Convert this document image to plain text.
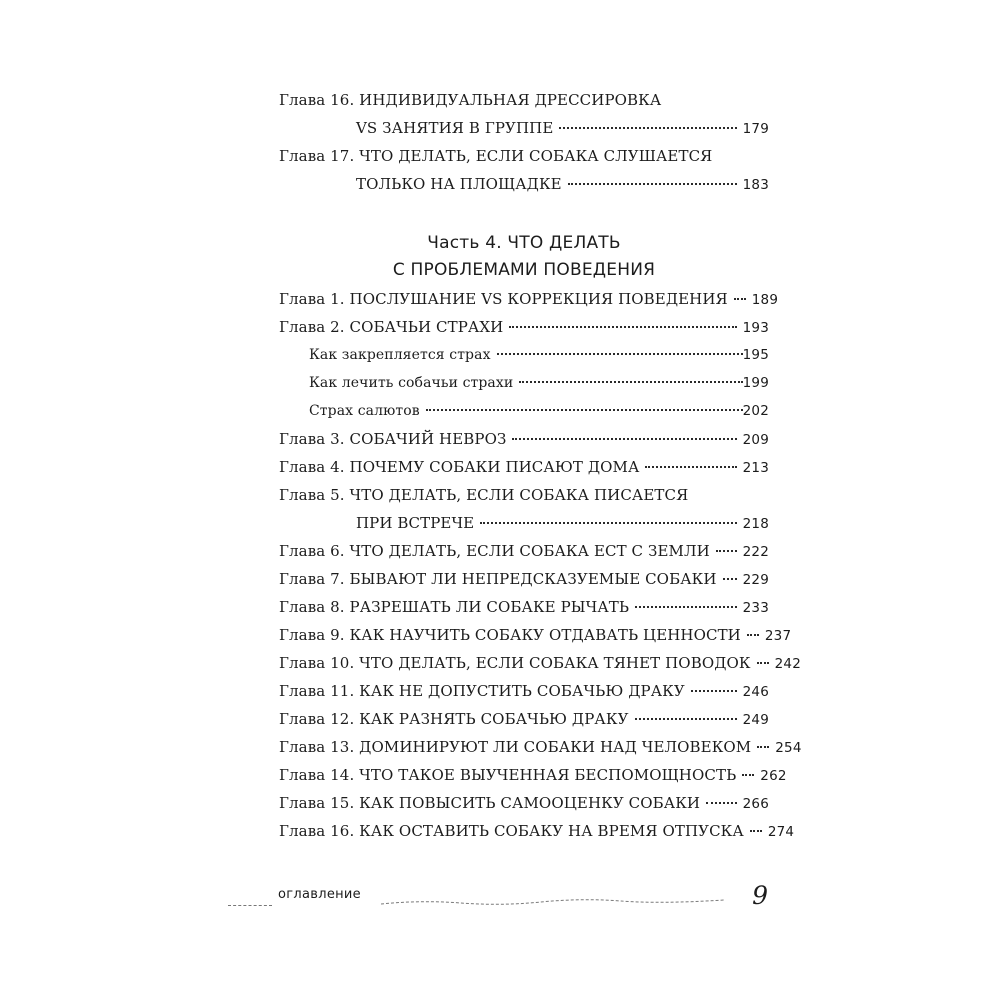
Глава 16. ИНДИВИДУАЛЬНАЯ ДРЕССИРОВКА
VS ЗАНЯТИЯ В ГРУППЕ	179
Глава 17. ЧТО ДЕЛАТЬ, ЕСЛИ СОБАКА СЛУШАЕТСЯ
ТОЛЬКО НА ПЛОЩАДКЕ	183
Часть 4. ЧТО ДЕЛАТЬ
С ПРОБЛЕМАМИ ПОВЕДЕНИЯ
Глава 1. ПОСЛУШАНИЕ VS КОРРЕКЦИЯ ПОВЕДЕНИЯ 189
Глава 2. СОБАЧЬИ СТРАХИ	193
Как закрепляется страх	195
Как лечить собачьи страхи	199
Страх салютов	202
Глава 3. СОБАЧИЙ НЕВРОЗ	209
Глава 4. ПОЧЕМУ СОБАКИ ПИСАЮТ ДОМА	213
Глава 5. ЧТО ДЕЛАТЬ, ЕСЛИ СОБАКА ПИСАЕТСЯ
ПРИ ВСТРЕЧЕ	218
Глава 6. ЧТО ДЕЛАТЬ, ЕСЛИ СОБАКА ЕСТ С ЗЕМЛИ 222
Глава 7. БЫВАЮТ ЛИ НЕПРЕДСКАЗУЕМЫЕ СОБАКИ 229
Глава 8. РАЗРЕШАТЬ ЛИ СОБАКЕ РЫЧАТЬ	233
Глава 9. КАК НАУЧИТЬ СОБАКУ ОТДАВАТЬ ЦЕННОСТИ 237
Глава 10. ЧТО ДЕЛАТЬ, ЕСЛИ СОБАКА ТЯНЕТ ПОВОДОК 242
Глава 11. КАК НЕ ДОПУСТИТЬ СОБАЧЬЮ ДРАКУ	246
Глава 12. КАК РАЗНЯТЬ СОБАЧЬЮ ДРАКУ	249
Глава 13. ДОМИНИРУЮТ ЛИ СОБАКИ НАД ЧЕЛОВЕКОМ 254
Глава 14. ЧТО ТАКОЕ ВЫУЧЕННАЯ БЕСПОМОЩНОСТЬ 262
Глава 15. КАК ПОВЫСИТЬ САМООЦЕНКУ СОБАКИ	266
Глава 16. КАК ОСТАВИТЬ СОБАКУ НА ВРЕМЯ ОТПУСКА 274
оглавление	9
